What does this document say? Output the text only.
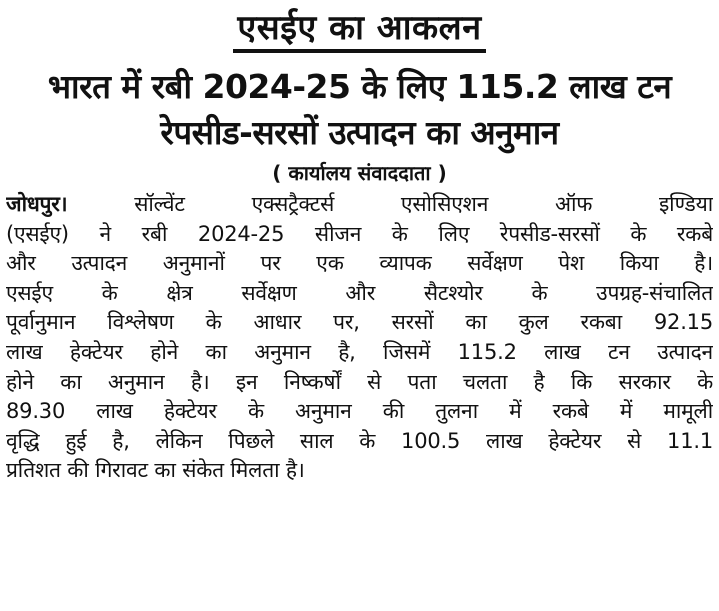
एसईए का आकलन
भारत में रबी 2024-25 के लिए 115.2 लाख टन
रेपसीड-सरसों उत्पादन का अनुमान
( कार्यालय संवाददाता )
जोधपुर। सॉल्वेंट एक्सट्रैक्टर्स एसोसिएशन ऑफ इण्डिया
(एसईए) ने रबी 2024-25 सीजन के लिए रेपसीड-सरसों के रकबे
और उत्पादन अनुमानों पर एक व्यापक सर्वेक्षण पेश किया है।
एसईए के क्षेत्र सर्वेक्षण और सैटश्योर के उपग्रह-संचालित
पूर्वानुमान विश्लेषण के आधार पर, सरसों का कुल रकबा 92.15
लाख हेक्टेयर होने का अनुमान है, जिसमें 115.2 लाख टन उत्पादन
होने का अनुमान है। इन निष्कर्षों से पता चलता है कि सरकार के
89.30 लाख हेक्टेयर के अनुमान की तुलना में रकबे में मामूली
वृद्धि हुई है, लेकिन पिछले साल के 100.5 लाख हेक्टेयर से 11.1
प्रतिशत की गिरावट का संकेत मिलता है।
